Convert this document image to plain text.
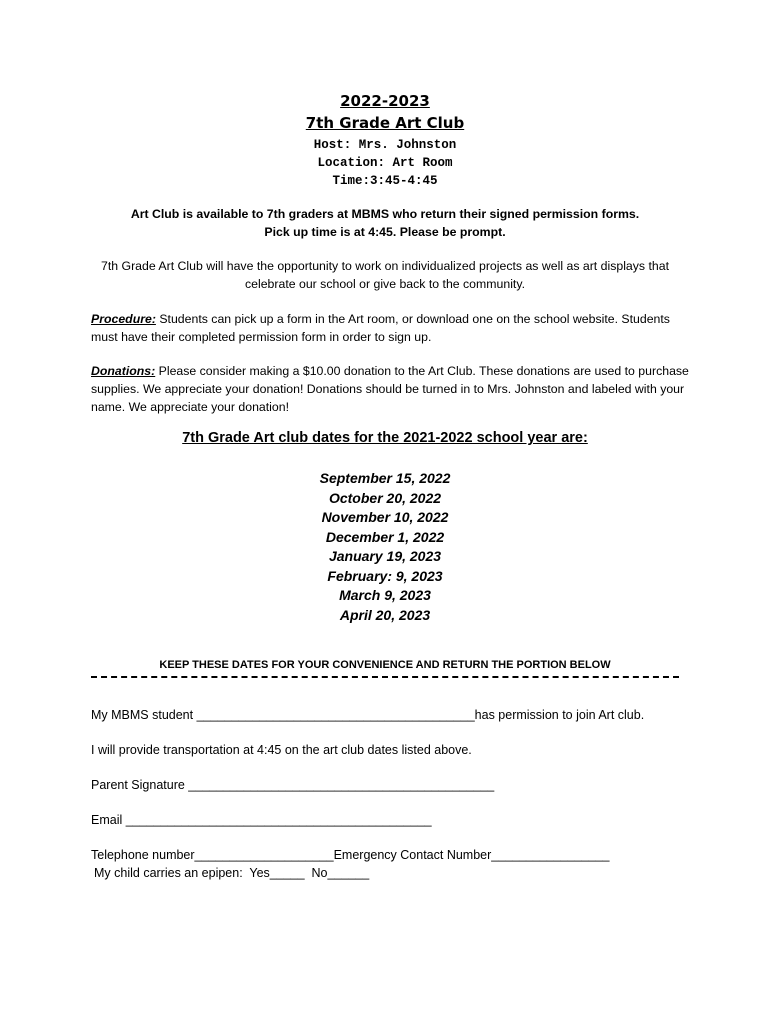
2022-2023
7th Grade Art Club
Host: Mrs. Johnston
Location: Art Room
Time:3:45-4:45
Art Club is available to 7th graders at MBMS who return their signed permission forms.
Pick up time is at 4:45. Please be prompt.
7th Grade Art Club will have the opportunity to work on individualized projects as well as art displays that celebrate our school or give back to the community.
Procedure: Students can pick up a form in the Art room, or download one on the school website. Students must have their completed permission form in order to sign up.
Donations: Please consider making a $10.00 donation to the Art Club. These donations are used to purchase supplies. We appreciate your donation! Donations should be turned in to Mrs. Johnston and labeled with your name. We appreciate your donation!
7th Grade Art club dates for the 2021-2022 school year are:
September 15, 2022
October 20, 2022
November 10, 2022
December 1, 2022
January 19, 2023
February: 9, 2023
March 9, 2023
April 20, 2023
KEEP THESE DATES FOR YOUR CONVENIENCE AND RETURN THE PORTION BELOW
My MBMS student ________________________________________has permission to join Art club.
I will provide transportation at 4:45 on the art club dates listed above.
Parent Signature ____________________________________________
Email ____________________________________________
Telephone number____________________Emergency Contact Number_________________
My child carries an epipen:  Yes_____  No______
